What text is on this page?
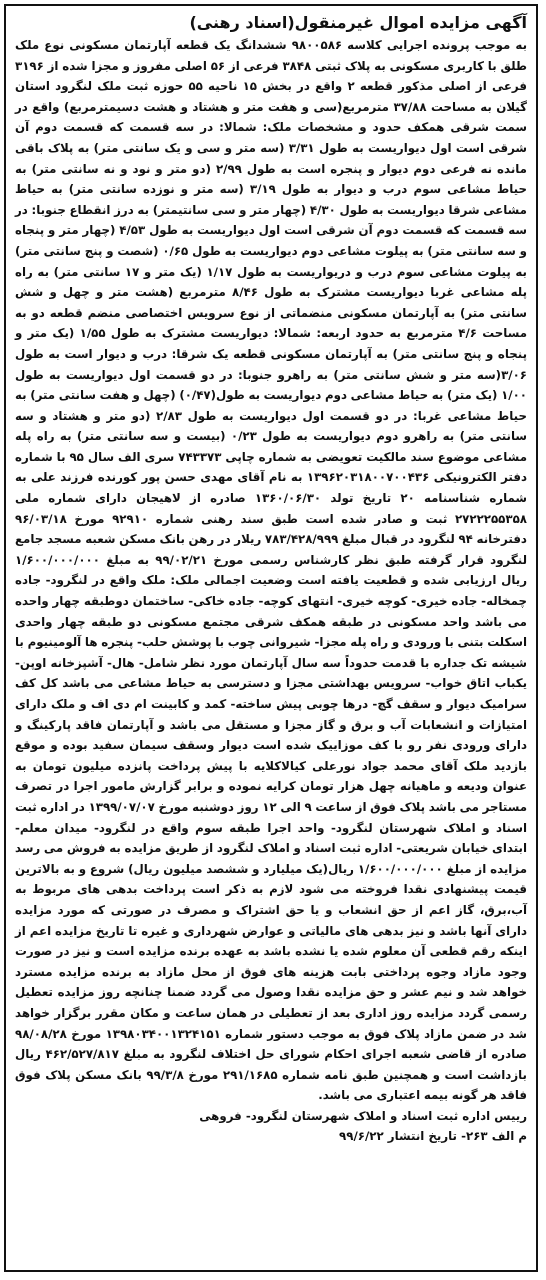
آگهی مزایده اموال غیرمنقول(اسناد رهنی)

به موجب پرونده اجرایی کلاسه ۹۸۰۰۵۸۶ ششدانگ یک قطعه آپارتمان مسکونی نوع ملک طلق با کاربری مسکونی به پلاک ثبتی ۳۸۴۸ فرعی از ۵۶ اصلی مفروز و مجزا شده از ۳۱۹۶ فرعی از اصلی مذکور قطعه ۲ واقع در بخش ۱۵ ناحیه ۵۵ حوزه ثبت ملک لنگرود استان گیلان به مساحت ۳۷/۸۸ مترمربع(سی و هفت متر و هشتاد و هشت دسیمترمربع) واقع در سمت شرقی همکف حدود و مشخصات ملک: شمالا: در سه قسمت که قسمت دوم آن شرقی است اول دیواریست به طول ۳/۳۱ (سه متر و سی و یک سانتی متر) به پلاک باقی مانده نه فرعی دوم دیوار و پنجره است به طول ۲/۹۹ (دو متر و نود و نه سانتی متر) به حیاط مشاعی سوم درب و دیوار به طول ۳/۱۹ (سه متر و نوزده سانتی متر) به حیاط مشاعی شرقا دیواریست به طول ۴/۳۰ (چهار متر و سی سانتیمتر) به درز انقطاع جنوبا: در سه قسمت که قسمت دوم آن شرقی است اول دیواریست به طول ۴/۵۳ (چهار متر و پنجاه و سه سانتی متر) به پیلوت مشاعی دوم دیواریست به طول ۰/۶۵ (شصت و پنج سانتی متر) به پیلوت مشاعی سوم درب و دریواریست به طول ۱/۱۷ (یک متر و ۱۷ سانتی متر) به راه پله مشاعی غربا دیواریست مشترک به طول ۸/۴۶ مترمربع (هشت متر و چهل و شش سانتی متر) به آپارتمان مسکونی منضماتی از نوع سرویس اختصاصی منضم قطعه دو به مساحت ۴/۶ مترمربع به حدود اربعه: شمالا: دیواریست مشترک به طول ۱/۵۵ (یک متر و پنجاه و پنج سانتی متر) به آپارتمان مسکونی قطعه یک شرقا: درب و دیوار است به طول ۳/۰۶(سه متر و شش سانتی متر) به راهرو جنوبا: در دو قسمت اول دیواریست به طول ۱/۰۰ (یک متر) به حیاط مشاعی دوم دیواریست به طول(۰/۴۷) (چهل و هفت سانتی متر) به حیاط مشاعی غربا: در دو قسمت اول دیواریست به طول ۲/۸۳ (دو متر و هشتاد و سه سانتی متر) به راهرو دوم دیواریست به طول ۰/۲۳ (بیست و سه سانتی متر) به راه پله مشاعی موضوع سند مالکیت تعویضی به شماره چاپی ۷۴۳۳۷۳ سری الف سال ۹۵ با شماره دفتر الکترونیکی ۱۳۹۶۲۰۳۱۸۰۰۷۰۰۴۳۶ به نام آقای مهدی حسن پور کورنده فرزند علی به شماره شناسنامه ۲۰ تاریخ تولد ۱۳۶۰/۰۶/۳۰ صادره از لاهیجان دارای شماره ملی ۲۷۲۲۲۵۵۳۵۸ ثبت و صادر شده است طبق سند رهنی شماره ۹۲۹۱۰ مورخ ۹۶/۰۳/۱۸ دفترخانه ۹۴ لنگرود در قبال مبلغ ۷۸۳/۴۲۸/۹۹۹ ریلار در رهن بانک مسکن شعبه مسجد جامع لنگرود قرار گرفته طبق نظر کارشناس رسمی مورخ ۹۹/۰۲/۲۱ به مبلغ ۱/۶۰۰/۰۰۰/۰۰۰ ریال ارزیابی شده و قطعیت یافته است وضعیت اجمالی ملک: ملک واقع در لنگرود- جاده چمخاله- جاده خیری- کوچه خیری- انتهای کوچه- جاده خاکی- ساختمان دوطبقه چهار واحده می باشد واحد مسکونی در طبقه همکف شرقی مجتمع مسکونی دو طبقه چهار واحدی اسکلت بتنی با ورودی و راه پله مجزا- شیروانی چوب با پوشش حلب- پنجره ها آلومینیوم با شیشه تک جداره با قدمت حدوداً سه سال آپارتمان مورد نظر شامل- هال- آشپزخانه اوپن- یکباب اتاق خواب- سرویس بهداشتی مجزا و دسترسی به حیاط مشاعی می باشد کل کف سرامیک دیوار و سقف گچ- درها چوبی پیش ساخته- کمد و کابینت ام دی اف و ملک دارای امتیازات و انشعابات آب و برق و گاز مجزا و مستقل می باشد و آپارتمان فاقد پارکینگ و دارای ورودی نفر رو با کف موزاییک شده است دیوار وسقف سیمان سفید بوده و موقع بازدید ملک آقای محمد جواد نورعلی کیالاکلایه با پیش پرداخت پانزده میلیون تومان به عنوان ودیعه و ماهیانه چهل هزار تومان کرایه نموده و برابر گزارش مامور اجرا در تصرف مستاجر می باشد پلاک فوق از ساعت ۹ الی ۱۲ روز دوشنبه مورخ ۱۳۹۹/۰۷/۰۷ در اداره ثبت اسناد و املاک شهرستان لنگرود- واحد اجرا طبقه سوم واقع در لنگرود- میدان معلم- ابتدای خیابان شریعتی- اداره ثبت اسناد و املاک لنگرود از طریق مزایده به فروش می رسد مزایده از مبلغ ۱/۶۰۰/۰۰۰/۰۰۰ ریال(یک میلیارد و ششصد میلیون ریال) شروع و به بالاترین قیمت پیشنهادی نقدا فروخته می شود لازم به ذکر است پرداخت بدهی های مربوط به آب،برق، گاز اعم از حق انشعاب و یا حق اشتراک و مصرف در صورتی که مورد مزایده دارای آنها باشد و نیز بدهی های مالیاتی و عوارض شهرداری و غیره تا تاریخ مزایده اعم از اینکه رقم قطعی آن معلوم شده یا نشده باشد به عهده برنده مزایده است و نیز در صورت وجود مازاد وجوه پرداختی بابت هزینه های فوق از محل مازاد به برنده مزایده مسترد خواهد شد و نیم عشر و حق مزایده نقدا وصول می گردد ضمنا چنانچه روز مزایده تعطیل رسمی گردد مزایده روز اداری بعد از تعطیلی در همان ساعت و مکان مقرر برگزار خواهد شد در ضمن مازاد پلاک فوق به موجب دستور شماره ۱۳۹۸۰۳۴۰۰۱۳۲۴۱۵۱ مورخ ۹۸/۰۸/۲۸ صادره از قاضی شعبه اجرای احکام شورای حل اختلاف لنگرود به مبلغ ۴۶۲/۵۲۷/۸۱۷ ریال بازداشت است و همچنین طبق نامه شماره ۲۹۱/۱۶۸۵ مورخ ۹۹/۳/۸ بانک مسکن پلاک فوق فاقد هر گونه بیمه اعتباری می باشد.

رییس اداره ثبت اسناد و املاک شهرستان لنگرود- فروهی
م الف ۲۶۳- تاریخ انتشار ۹۹/۶/۲۲
